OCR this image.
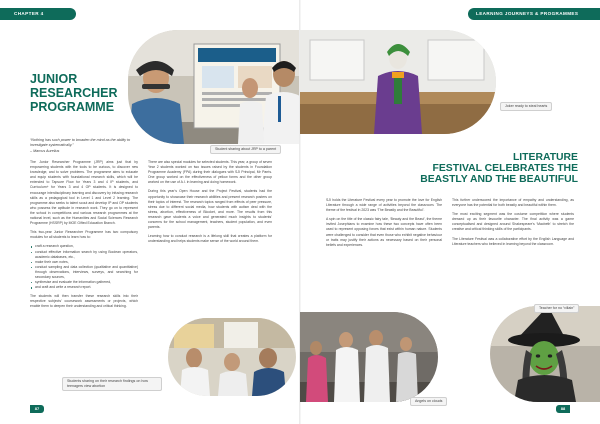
CHAPTER 4
Student sharing about JRP to a parent
JUNIOR
RESEARCHER
PROGRAMME
“Nothing has such power to broaden the mind as the ability to investigate systematically.”
– Marcus Aurelius

The Junior Researcher Programme (JRP) aims just that by empowering students with the tools to be curious, to discover new knowledge, and to solve problems. The programme aims to educate and equip students with foundational research skills, which will be extended to Tapsure Flow for Years 3 and 4 IP students, and Curriculum+ for Years 3 and 4 OP students. It is designed to encourage interdisciplinary learning and discovery by infusing research skills as a pedagogical tool in Level 1 and Level 2 learning. The programme also seeks to talent scout and develop IP and OP students who possess the aptitude in research work. They go on to represent the school in competitions and various research programmes at the national level, such as the Humanities and Social Sciences Research Programme (HSSRP) by MOE Gifted Education Branch.

This two-year Junior Researcher Programme has two compulsory modules for all students to learn how to:

craft a research question,
conduct effective information search by using Boolean operators, academic databases, etc.,
make their own notes,
conduct sampling and data collection (qualitative and quantitative) through observations, interviews, surveys, and searching for secondary sources,
synthesise and evaluate the information gathered,
and craft and write a research report.

The students will then transfer these research skills into their respective subjects’ coursework assessments or projects, which enable them to deepen their understanding and critical thinking.

There are also special modules for selected students. This year, a group of seven Year 2 students worked on two issues raised by the students in Foundation Programme Academy (FPA) during their dialogues with SJI Principal, Mr Parris. One group worked on the effectiveness of yellow forms and the other group worked on the use of A.I. in learning and doing homework.

During this year’s Open House and the Project Festival, students had the opportunity to showcase their research abilities and present research posters on their topics of interest. The research topics ranged from effects of peer pressure, stress due to different social media, how students with autism deal with the stress, abortion, effectiveness of Blooket, and more. The results from this research gave students a voice and generated much insights to students’ concerns for the school management, teachers, student population, and even parents.

Learning how to conduct research is a lifelong skill that creates a platform for understanding and helps students make sense of the world around them.

Students sharing on their research findings on how teenagers view abortion
87
LEARNING JOURNEYS & PROGRAMMES
Joker ready to steal hearts
LITERATURE
FESTIVAL CELEBRATES THE
BEASTLY AND THE BEAUTIFUL

SJI holds the Literature Festival every year to promote the love for English Literature through a wide range of activities beyond the classroom. The theme of the festival in 2023 was ‘The Beastly and the Beautiful’.

A spin on the title of the classic fairy tale, ‘Beauty and the Beast’, the theme invited Josephians to examine how these two concepts have often been used to represent opposing forces that exist within human nature. Students were challenged to consider that even those who exhibit negative behaviour or traits may justify their actions as necessary based on their personal beliefs and experiences.

This further underscored the importance of empathy and understanding, as everyone has the potential for both beastly and beautiful within them.

The most exciting segment was the costume competition where students dressed up as their favourite character. The final activity was a game conceptualised and designed around Shakespeare’s ‘Macbeth’ to stretch the creative and critical thinking skills of the participants.

The Literature Festival was a collaborative effort by the English Language and Literature teachers who believed in learning beyond the classroom.

Angels on clouds
Teacher for no “villain”
88
